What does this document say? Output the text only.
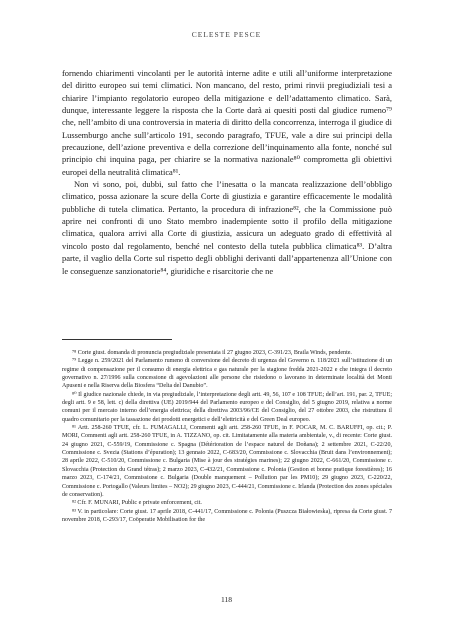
CELESTE PESCE

fornendo chiarimenti vincolanti per le autorità interne adite e utili all’uniforme interpretazione del diritto europeo sui temi climatici. Non mancano, del resto, primi rinvii pregiudiziali tesi a chiarire l’impianto regolatorio europeo della mitigazione e dell’adattamento climatico. Sarà, dunque, interessante leggere la risposta che la Corte darà ai quesiti posti dal giudice rumeno⁷⁹ che, nell’ambito di una controversia in materia di diritto della concorrenza, interroga il giudice di Lussemburgo anche sull’articolo 191, secondo paragrafo, TFUE, vale a dire sui principi della precauzione, dell’azione preventiva e della correzione dell’inquinamento alla fonte, nonché sul principio chi inquina paga, per chiarire se la normativa nazionale⁸⁰ comprometta gli obiettivi europei della neutralità climatica⁸¹.

Non vi sono, poi, dubbi, sul fatto che l’inesatta o la mancata realizzazione dell’obbligo climatico, possa azionare la scure della Corte di giustizia e garantire efficacemente le modalità pubbliche di tutela climatica. Pertanto, la procedura di infrazione⁸², che la Commissione può aprire nei confronti di uno Stato membro inadempiente sotto il profilo della mitigazione climatica, qualora arrivi alla Corte di giustizia, assicura un adeguato grado di effettività al vincolo posto dal regolamento, benché nel contesto della tutela pubblica climatica⁸³. D’altra parte, il vaglio della Corte sul rispetto degli obblighi derivanti dall’appartenenza all’Unione con le conseguenze sanzionatorie⁸⁴, giuridiche e risarcitorie che ne

⁷⁸ Corte giust. domanda di pronuncia pregiudiziale presentata il 27 giugno 2023, C-391/23, Braila Winds, pendente.

⁷⁹ Legge n. 259/2021 del Parlamento rumeno di conversione del decreto di urgenza del Governo n. 118/2021 sull’istituzione di un regime di compensazione per il consumo di energia elettrica e gas naturale per la stagione fredda 2021-2022 e che integra il decreto governativo n. 27/1996 sulla concessione di agevolazioni alle persone che risiedono o lavorano in determinate località dei Monti Apuseni e nella Riserva della Biosfera “Delta del Danubio”.

⁸⁰ Il giudice nazionale chiede, in via pregiudiziale, l’interpretazione degli artt. 49, 56, 107 e 108 TFUE; dell’art. 191, par. 2, TFUE; degli artt. 9 e 58, lett. c) della direttiva (UE) 2019/944 del Parlamento europeo e del Consiglio, del 5 giugno 2019, relativa a norme comuni per il mercato interno dell’energia elettrica; della direttiva 2003/96/CE del Consiglio, del 27 ottobre 2003, che ristruttura il quadro comunitario per la tassazione dei prodotti energetici e dell’elettricità e del Green Deal europeo.

⁸¹ Artt. 258-260 TFUE, cfr. L. FUMAGALLI, Commenti agli artt. 258-260 TFUE, in F. POCAR, M. C. BARUFFI, op. cit.; P. MORI, Commenti agli artt. 258-260 TFUE, in A. TIZZANO, op. cit. Limitatamente alla materia ambientale, v., di recente: Corte giust. 24 giugno 2021, C-559/19, Commissione c. Spagna (Détérioration de l’espace naturel de Doñana); 2 settembre 2021, C-22/20, Commissione c. Svezia (Stations d’épuration); 13 gennaio 2022, C-683/20, Commissione c. Slovacchia (Bruit dans l’environnement); 28 aprile 2022, C-510/20, Commissione c. Bulgaria (Mise à jour des stratégies marines); 22 giugno 2022, C-661/20, Commissione c. Slovacchia (Protection du Grand tétras); 2 marzo 2023, C-432/21, Commissione c. Polonia (Gestion et bonne pratique forestières); 16 marzo 2023, C-174/21, Commissione c. Bulgaria (Double manquement – Pollution par les PM10); 29 giugno 2023, C-220/22, Commissione c. Portogallo (Valeurs limites – NO2); 29 giugno 2023, C-444/21, Commissione c. Irlanda (Protection des zones spéciales de conservation).

⁸² Cfr. F. MUNARI, Public e private enforcement, cit.

⁸³ V. in particolare: Corte giust. 17 aprile 2018, C-441/17, Commissione c. Polonia (Puszcza Białowieska), ripresa da Corte giust. 7 novembre 2018, C-293/17, Coöperatie Mobilisation for the

118
